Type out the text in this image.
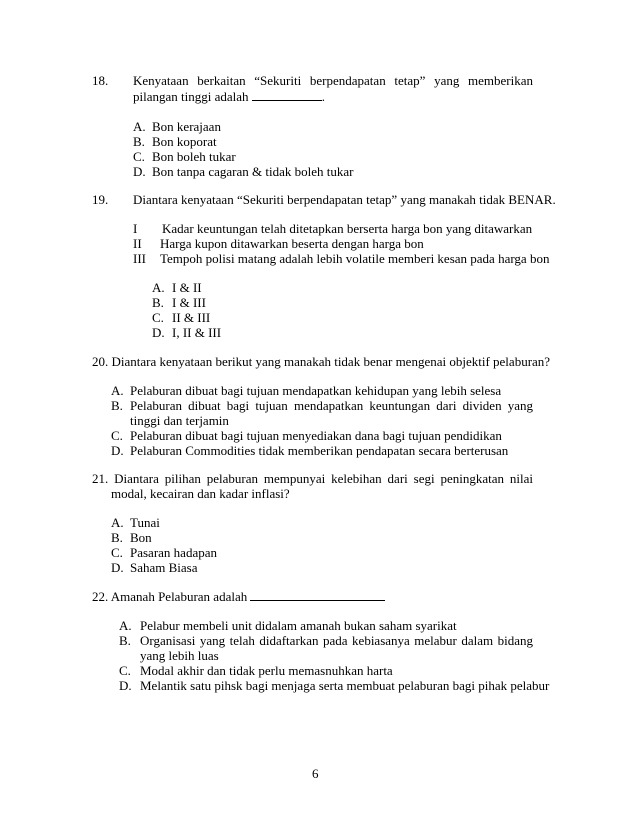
18. Kenyataan berkaitan “Sekuriti berpendapatan tetap” yang memberikan
pilangan tinggi adalah	.
A. Bon kerajaan
B. Bon koporat
C. Bon boleh tukar
D. Bon tanpa cagaran & tidak boleh tukar
19. Diantara kenyataan “Sekuriti berpendapatan tetap” yang manakah tidak BENAR.
I Kadar keuntungan telah ditetapkan berserta harga bon yang ditawarkan
II Harga kupon ditawarkan beserta dengan harga bon
III Tempoh polisi matang adalah lebih volatile memberi kesan pada harga bon
A. I & II
B. I & III
C. II & III
D. I, II & III
20. Diantara kenyataan berikut yang manakah tidak benar mengenai objektif pelaburan?
A. Pelaburan dibuat bagi tujuan mendapatkan kehidupan yang lebih selesa
B. Pelaburan dibuat bagi tujuan mendapatkan keuntungan dari dividen yang
tinggi dan terjamin
C. Pelaburan dibuat bagi tujuan menyediakan dana bagi tujuan pendidikan
D. Pelaburan Commodities tidak memberikan pendapatan secara berterusan
21. Diantara pilihan pelaburan mempunyai kelebihan dari segi peningkatan nilai
modal, kecairan dan kadar inflasi?
A. Tunai
B. Bon
C. Pasaran hadapan
D. Saham Biasa
22. Amanah Pelaburan adalah
A. Pelabur membeli unit didalam amanah bukan saham syarikat
B. Organisasi yang telah didaftarkan pada kebiasanya melabur dalam bidang
yang lebih luas
C. Modal akhir dan tidak perlu memasnuhkan harta
D. Melantik satu pihsk bagi menjaga serta membuat pelaburan bagi pihak pelabur
6
